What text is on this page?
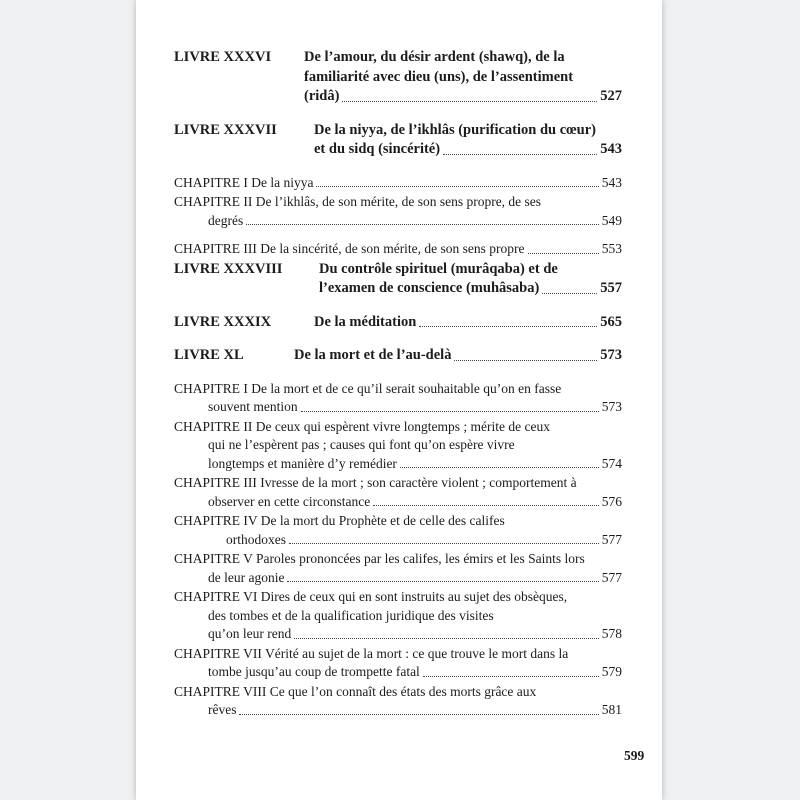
LIVRE XXXVI	De l’amour, du désir ardent (shawq), de la
familiarité avec dieu (uns), de l’assentiment
(ridâ)	527
LIVRE XXXVII	De la niyya, de l’ikhlâs (purification du cœur)
et du sidq (sincérité)	543
CHAPITRE I De la niyya	543
CHAPITRE II De l’ikhlâs, de son mérite, de son sens propre, de ses
degrés	549
CHAPITRE III De la sincérité, de son mérite, de son sens propre	553
LIVRE XXXVIII	Du contrôle spirituel (murâqaba) et de
l’examen de conscience (muhâsaba)	557
LIVRE XXXIX	De la méditation	565
LIVRE XL	De la mort et de l’au-delà	573
CHAPITRE I De la mort et de ce qu’il serait souhaitable qu’on en fasse
souvent mention	573
CHAPITRE II De ceux qui espèrent vivre longtemps ; mérite de ceux
qui ne l’espèrent pas ; causes qui font qu’on espère vivre
longtemps et manière d’y remédier	574
CHAPITRE III Ivresse de la mort ; son caractère violent ; comportement à
observer en cette circonstance	576
CHAPITRE IV De la mort du Prophète et de celle des califes
orthodoxes	577
CHAPITRE V Paroles prononcées par les califes, les émirs et les Saints lors
de leur agonie	577
CHAPITRE VI Dires de ceux qui en sont instruits au sujet des obsèques,
des tombes et de la qualification juridique des visites
qu’on leur rend	578
CHAPITRE VII Vérité au sujet de la mort : ce que trouve le mort dans la
tombe jusqu’au coup de trompette fatal	579
CHAPITRE VIII Ce que l’on connaît des états des morts grâce aux
rêves	581
599
